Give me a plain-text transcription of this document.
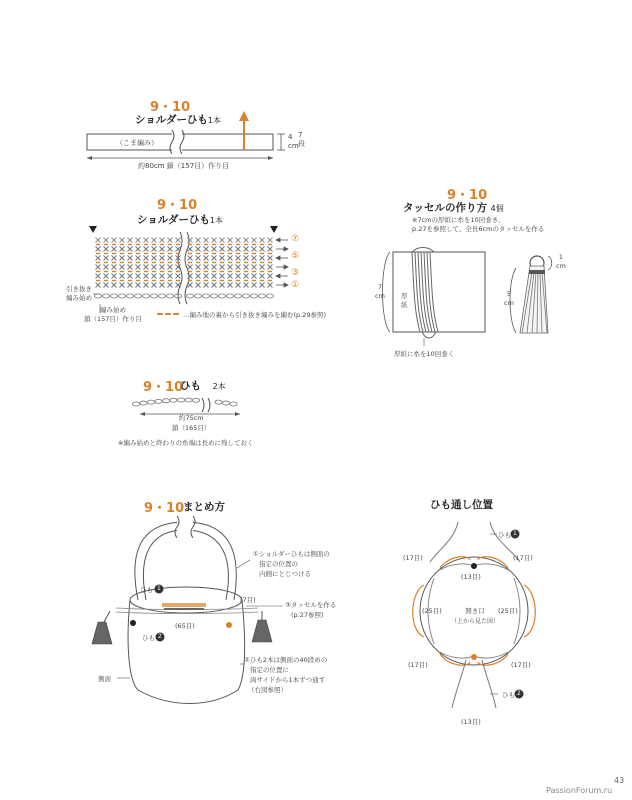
9・10
ショルダーひも1本
（こま編み）
4
cm
7
段
約80cm 鎖（157目）作り目
9・10
ショルダーひも1本
⑦
⑤
③
①
引き抜き
編み始め
編み始め
鎖（157目）作り目	…編み地の裏から引き抜き編みを編む(p.29参照)
9・10
タッセルの作り方 4個
※7cmの厚紙に糸を10回巻き、
p.27を参照して、全長6cmのタッセルを作る
7
cm 厚
紙
厚紙に糸を10回巻く
1
cm
5
cm
9・10
ひも 2本
約75cm
鎖（165目）
※編み始めと終わりの糸端は長めに残しておく
9・10
まとめ方
ひも 1
ひも 2
(7目)
(65目)
側面
①ショルダーひもは側面の
指定の位置の
内側にとじつける
③タッセルを作る
(p.27参照)
②ひも2本は側面の40段めの
指定の位置に
両サイドから1本ずつ通す
（右図参照）
ひも通し位置
ひも 1
ひも 2
(17目)	(17目)
(13目)
(25目)	(25目)
開き口
（上から見た図）
(17目)	(17目)
(13目)
43
PassionForum.ru
